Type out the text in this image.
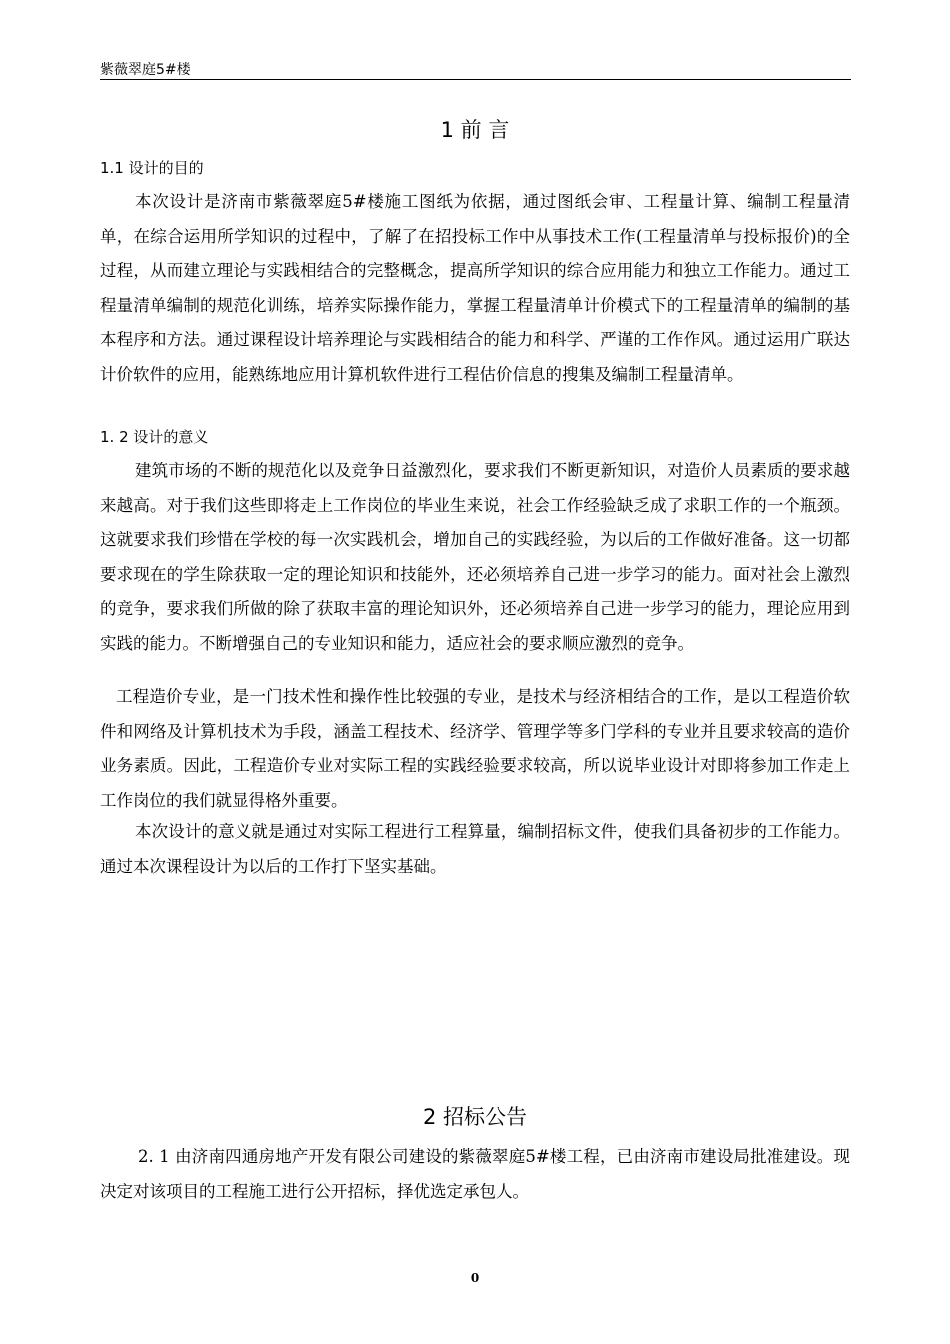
紫薇翠庭5#楼
1 前 言
1.1 设计的目的

本次设计是济南市紫薇翠庭5#楼施工图纸为依据，通过图纸会审、工程量计算、编制工程量清单，在综合运用所学知识的过程中，了解了在招投标工作中从事技术工作(工程量清单与投标报价)的全过程，从而建立理论与实践相结合的完整概念，提高所学知识的综合应用能力和独立工作能力。通过工程量清单编制的规范化训练，培养实际操作能力，掌握工程量清单计价模式下的工程量清单的编制的基本程序和方法。通过课程设计培养理论与实践相结合的能力和科学、严谨的工作作风。通过运用广联达计价软件的应用，能熟练地应用计算机软件进行工程估价信息的搜集及编制工程量清单。

1. 2 设计的意义

建筑市场的不断的规范化以及竞争日益激烈化，要求我们不断更新知识，对造价人员素质的要求越来越高。对于我们这些即将走上工作岗位的毕业生来说，社会工作经验缺乏成了求职工作的一个瓶颈。这就要求我们珍惜在学校的每一次实践机会，增加自己的实践经验，为以后的工作做好准备。这一切都要求现在的学生除获取一定的理论知识和技能外，还必须培养自己进一步学习的能力。面对社会上激烈的竞争，要求我们所做的除了获取丰富的理论知识外，还必须培养自己进一步学习的能力，理论应用到实践的能力。不断增强自己的专业知识和能力，适应社会的要求顺应激烈的竞争。

工程造价专业，是一门技术性和操作性比较强的专业，是技术与经济相结合的工作，是以工程造价软件和网络及计算机技术为手段，涵盖工程技术、经济学、管理学等多门学科的专业并且要求较高的造价业务素质。因此，工程造价专业对实际工程的实践经验要求较高，所以说毕业设计对即将参加工作走上工作岗位的我们就显得格外重要。

本次设计的意义就是通过对实际工程进行工程算量，编制招标文件，使我们具备初步的工作能力。通过本次课程设计为以后的工作打下坚实基础。

2 招标公告

2. 1 由济南四通房地产开发有限公司建设的紫薇翠庭5#楼工程，已由济南市建设局批准建设。现决定对该项目的工程施工进行公开招标，择优选定承包人。

0
